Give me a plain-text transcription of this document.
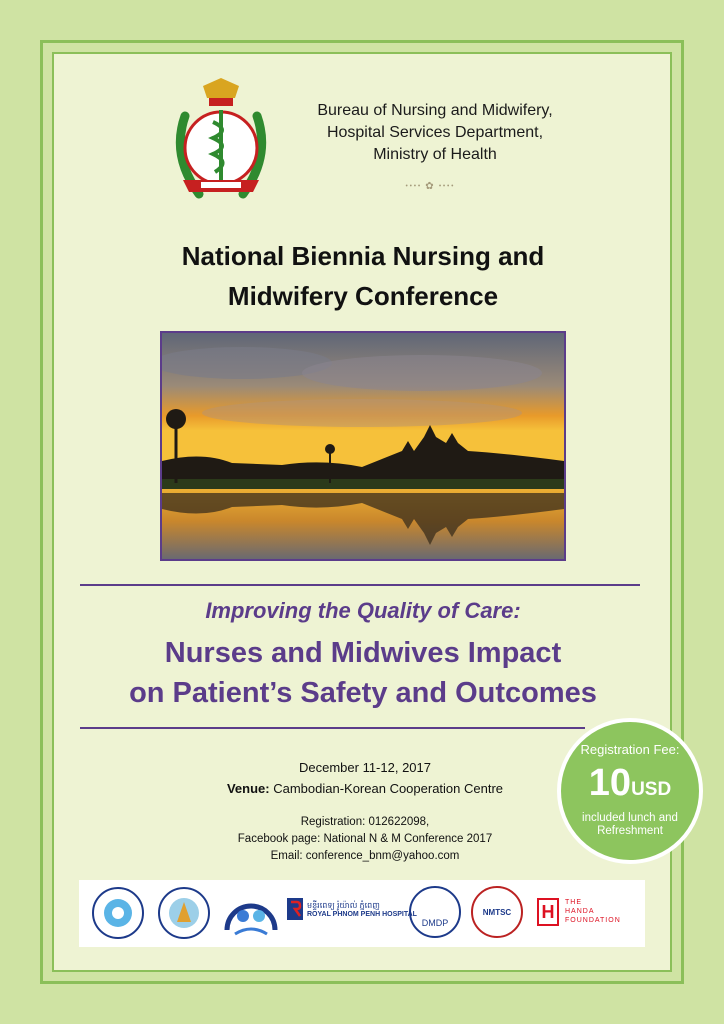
Bureau of Nursing and Midwifery,
Hospital Services Department,
Ministry of Health
ꞏꞏꞏꞏ ✿ ꞏꞏꞏꞏ
National Biennia Nursing and
Midwifery Conference
Improving the Quality of Care:
Nurses and Midwives Impact
on Patient’s Safety and Outcomes
December 11-12, 2017
Venue: Cambodian-Korean Cooperation Centre
Registration: 012622098,
Facebook page: National N & M Conference 2017
Email: conference_bnm@yahoo.com
Registration Fee:
10USD
included lunch and
Refreshment
មន្ទីរពេទ្យ រ៉ូយ៉ាល់ ភ្នំពេញ
ROYAL PHNOM PENH HOSPITAL
DMDP
NMTSC	H	THE
HANDA
FOUNDATION
